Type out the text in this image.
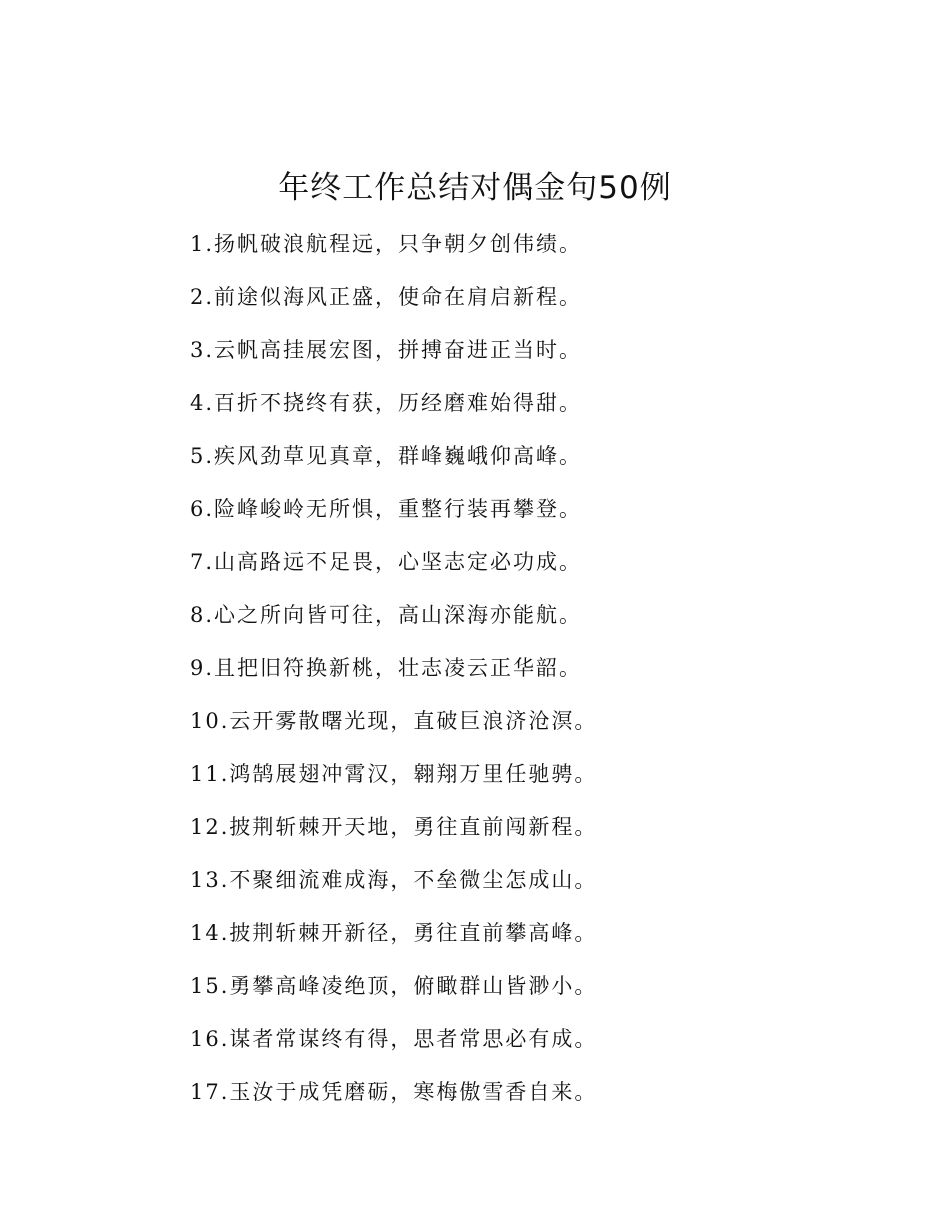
年终工作总结对偶金句50例
1.扬帆破浪航程远，只争朝夕创伟绩。
2.前途似海风正盛，使命在肩启新程。
3.云帆高挂展宏图，拼搏奋进正当时。
4.百折不挠终有获，历经磨难始得甜。
5.疾风劲草见真章，群峰巍峨仰高峰。
6.险峰峻岭无所惧，重整行装再攀登。
7.山高路远不足畏，心坚志定必功成。
8.心之所向皆可往，高山深海亦能航。
9.且把旧符换新桃，壮志凌云正华韶。
10.云开雾散曙光现，直破巨浪济沧溟。
11.鸿鹄展翅冲霄汉，翱翔万里任驰骋。
12.披荆斩棘开天地，勇往直前闯新程。
13.不聚细流难成海，不垒微尘怎成山。
14.披荆斩棘开新径，勇往直前攀高峰。
15.勇攀高峰凌绝顶，俯瞰群山皆渺小。
16.谋者常谋终有得，思者常思必有成。
17.玉汝于成凭磨砺，寒梅傲雪香自来。
